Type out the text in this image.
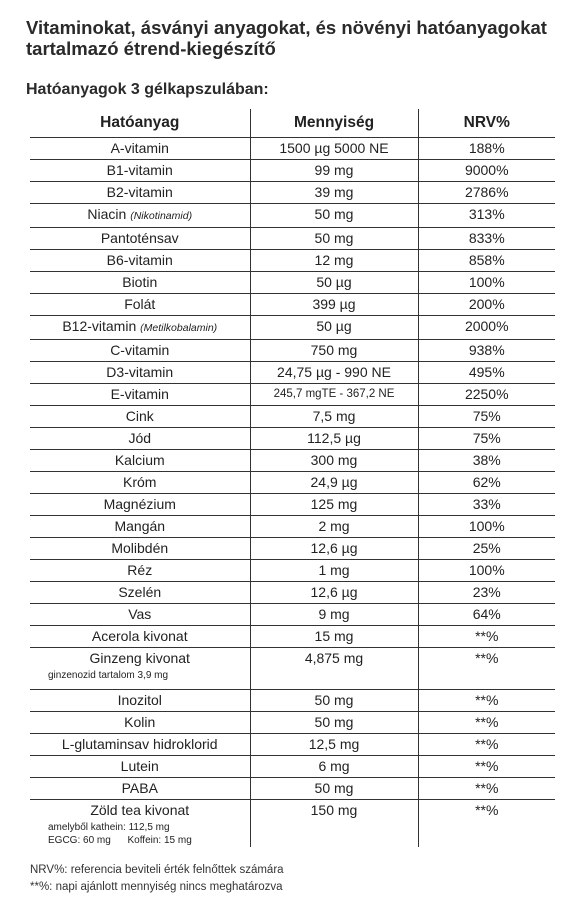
Vitaminokat, ásványi anyagokat, és növényi hatóanyagokat tartalmazó étrend-kiegészítő
Hatóanyagok 3 gélkapszulában:
Hatóanyag	Mennyiség	NRV%
A-vitamin	1500 µg 5000 NE	188%
B1-vitamin	99 mg	9000%
B2-vitamin	39 mg	2786%
Niacin (Nikotinamid)	50 mg	313%
Pantoténsav	50 mg	833%
B6-vitamin	12 mg	858%
Biotin	50 µg	100%
Folát	399 µg	200%
B12-vitamin (Metilkobalamin)	50 µg	2000%
C-vitamin	750 mg	938%
D3-vitamin	24,75 µg - 990 NE	495%
E-vitamin	245,7 mgTE - 367,2 NE	2250%
Cink	7,5 mg	75%
Jód	112,5 µg	75%
Kalcium	300 mg	38%
Króm	24,9 µg	62%
Magnézium	125 mg	33%
Mangán	2 mg	100%
Molibdén	12,6 µg	25%
Réz	1 mg	100%
Szelén	12,6 µg	23%
Vas	9 mg	64%
Acerola kivonat	15 mg	**%
Ginzeng kivonat
ginzenozid tartalom 3,9 mg	4,875 mg	**%
Inozitol	50 mg	**%
Kolin	50 mg	**%
L-glutaminsav hidroklorid	12,5 mg	**%
Lutein	6 mg	**%
PABA	50 mg	**%
Zöld tea kivonat
amelyből kathein: 112,5 mg
EGCG: 60 mg      Koffein: 15 mg	150 mg	**%
NRV%: referencia beviteli érték felnőttek számára
**%: napi ajánlott mennyiség nincs meghatározva
